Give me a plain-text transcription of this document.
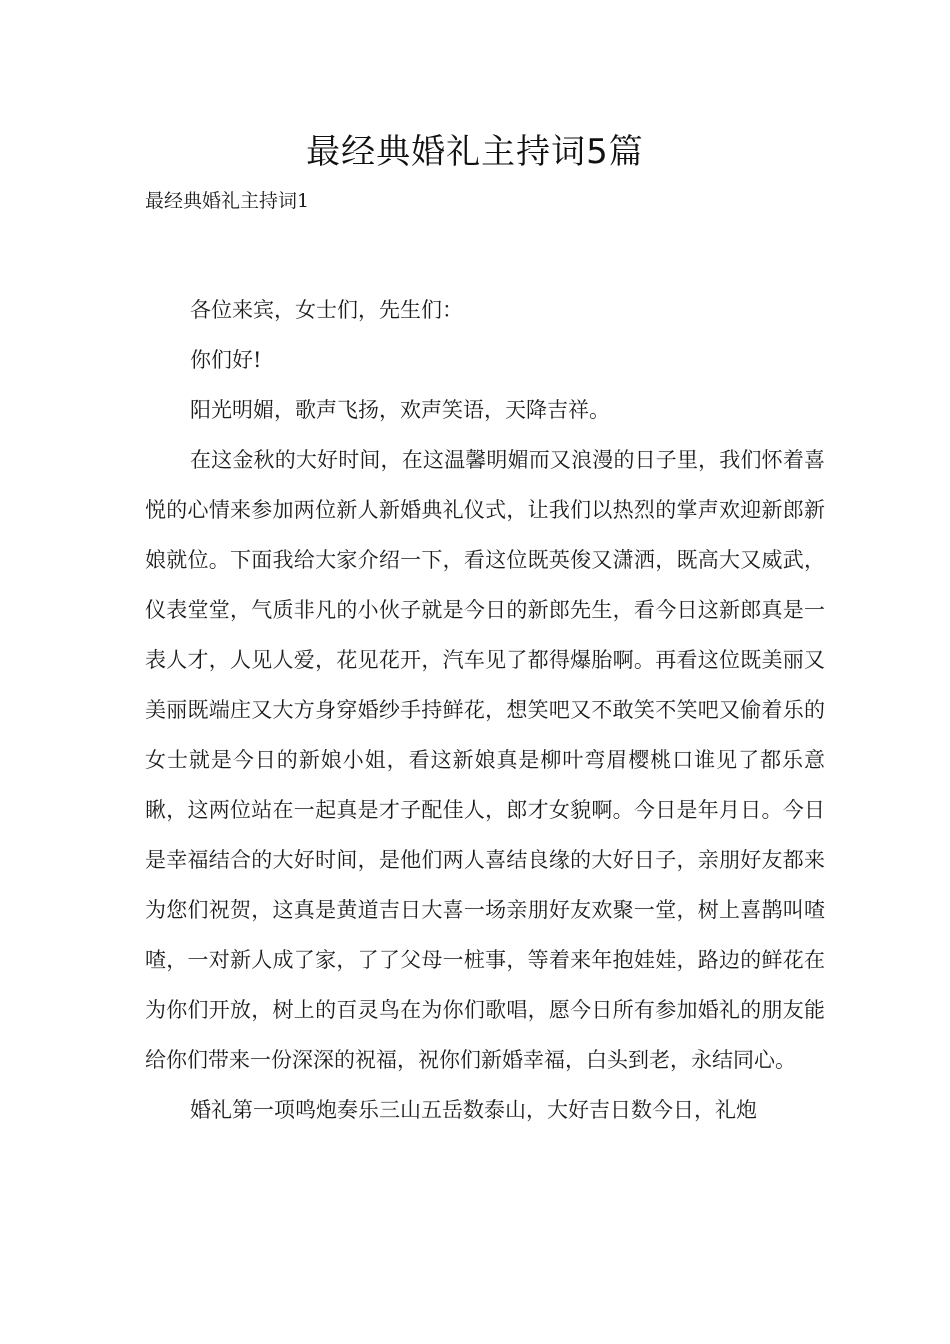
最经典婚礼主持词5篇
最经典婚礼主持词1

各位来宾，女士们，先生们：

你们好!

阳光明媚，歌声飞扬，欢声笑语，天降吉祥。

在这金秋的大好时间，在这温馨明媚而又浪漫的日子里，我们怀着喜悦的心情来参加两位新人新婚典礼仪式，让我们以热烈的掌声欢迎新郎新娘就位。下面我给大家介绍一下，看这位既英俊又潇洒，既高大又威武，仪表堂堂，气质非凡的小伙子就是今日的新郎先生，看今日这新郎真是一表人才，人见人爱，花见花开，汽车见了都得爆胎啊。再看这位既美丽又美丽既端庄又大方身穿婚纱手持鲜花，想笑吧又不敢笑不笑吧又偷着乐的女士就是今日的新娘小姐，看这新娘真是柳叶弯眉樱桃口谁见了都乐意瞅，这两位站在一起真是才子配佳人，郎才女貌啊。今日是年月日。今日是幸福结合的大好时间，是他们两人喜结良缘的大好日子，亲朋好友都来为您们祝贺，这真是黄道吉日大喜一场亲朋好友欢聚一堂，树上喜鹊叫喳喳，一对新人成了家，了了父母一桩事，等着来年抱娃娃，路边的鲜花在为你们开放，树上的百灵鸟在为你们歌唱，愿今日所有参加婚礼的朋友能给你们带来一份深深的祝福，祝你们新婚幸福，白头到老，永结同心。

婚礼第一项鸣炮奏乐三山五岳数泰山，大好吉日数今日，礼炮
